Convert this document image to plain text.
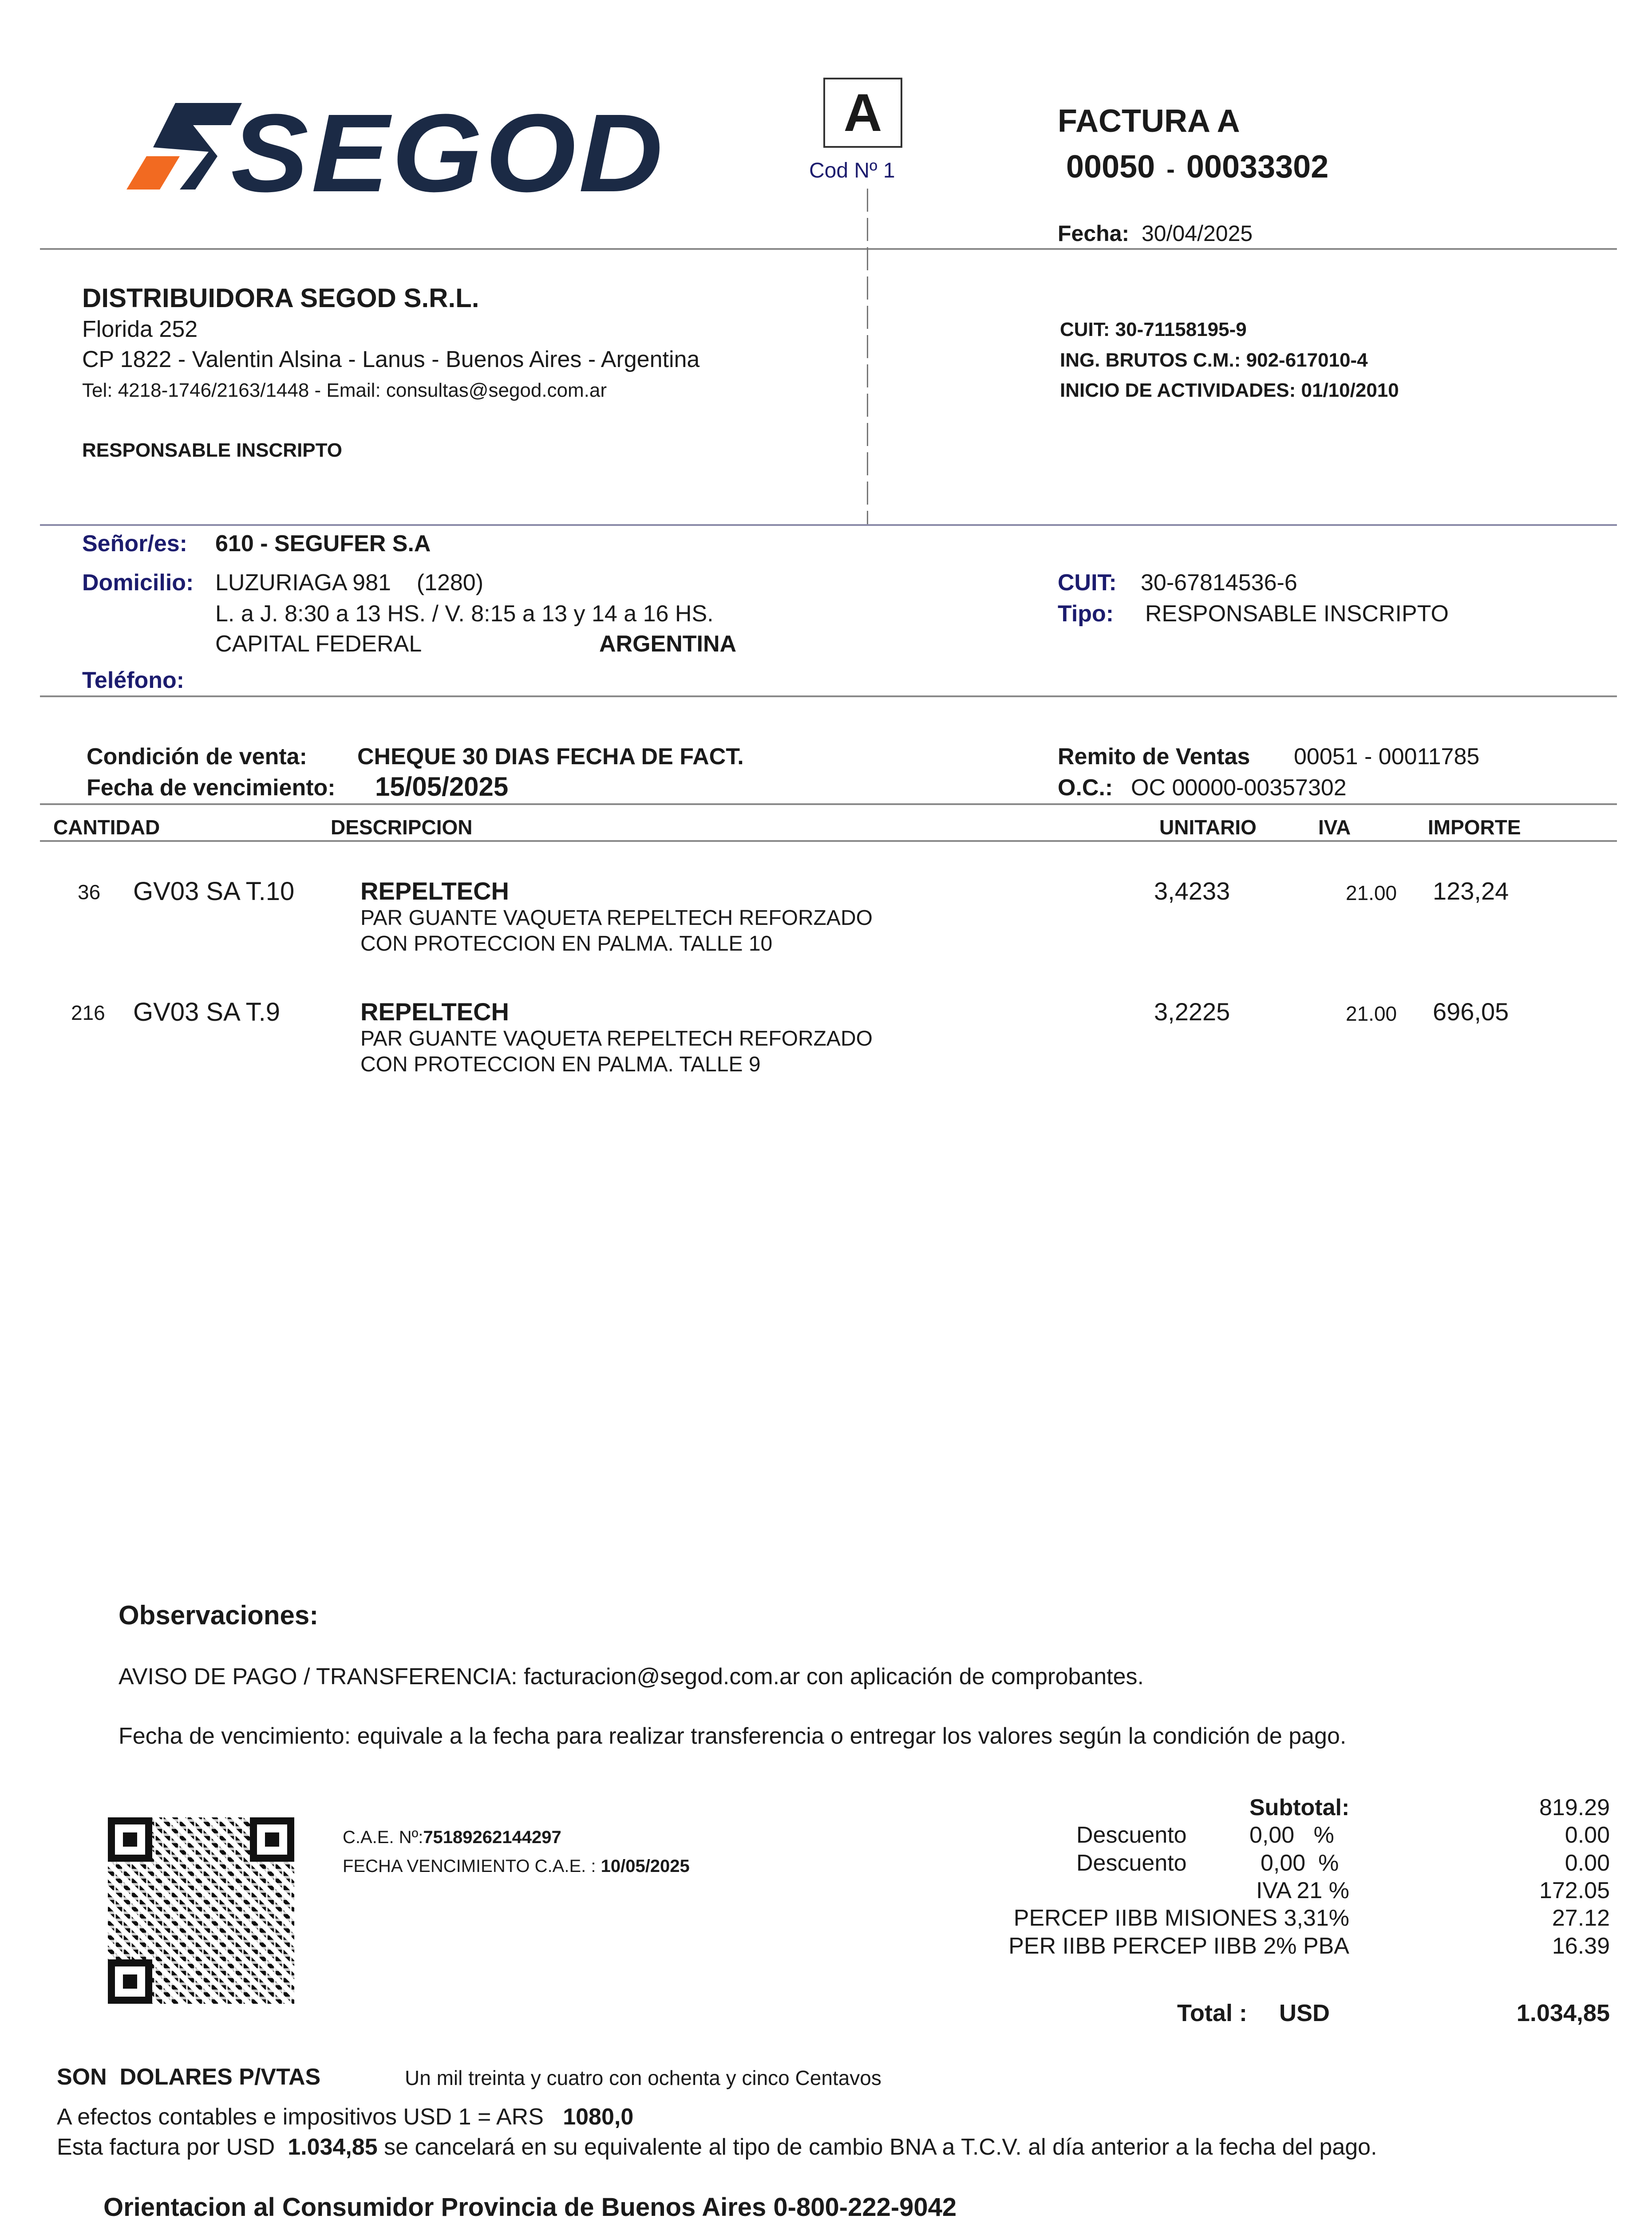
SEGOD	A
Cod Nº 1
FACTURA A
00050 - 00033302
Fecha: 30/04/2025
DISTRIBUIDORA SEGOD S.R.L.
Florida 252
CP 1822 - Valentin Alsina - Lanus - Buenos Aires - Argentina
Tel: 4218-1746/2163/1448 - Email: consultas@segod.com.ar
RESPONSABLE INSCRIPTO
CUIT: 30-71158195-9
ING. BRUTOS C.M.: 902-617010-4
INICIO DE ACTIVIDADES: 01/10/2010
Señor/es: 610 - SEGUFER S.A
Domicilio: LUZURIAGA 981    (1280)
L. a J. 8:30 a 13 HS. / V. 8:15 a 13 y 14 a 16 HS.
CAPITAL FEDERAL	ARGENTINA
Teléfono:
CUIT: 30-67814536-6
Tipo: RESPONSABLE INSCRIPTO
Condición de venta: CHEQUE 30 DIAS FECHA DE FACT.
Fecha de vencimiento: 15/05/2025
Remito de Ventas 00051 - 00011785
O.C.: OC 00000-00357302
CANTIDAD	DESCRIPCION	UNITARIO	IVA	IMPORTE
36 GV03 SA T.10	REPELTECH
PAR GUANTE VAQUETA REPELTECH REFORZADO
CON PROTECCION EN PALMA. TALLE 10
3,4233	21.00 123,24
216 GV03 SA T.9	REPELTECH
PAR GUANTE VAQUETA REPELTECH REFORZADO
CON PROTECCION EN PALMA. TALLE 9
3,2225	21.00 696,05
Observaciones:
AVISO DE PAGO / TRANSFERENCIA: facturacion@segod.com.ar con aplicación de comprobantes.
Fecha de vencimiento: equivale a la fecha para realizar transferencia o entregar los valores según la condición de pago.
C.A.E. Nº:75189262144297
FECHA VENCIMIENTO C.A.E. : 10/05/2025
Subtotal:	819.29
Descuento	0,00 %	0.00
Descuento	0,00 %	0.00
IVA 21 %	172.05
PERCEP IIBB MISIONES 3,31%	27.12
PER IIBB PERCEP IIBB 2% PBA	16.39
Total : USD	1.034,85
SON  DOLARES P/VTAS	Un mil treinta y cuatro con ochenta y cinco Centavos
A efectos contables e impositivos USD 1 = ARS 1080,0
Esta factura por USD 1.034,85 se cancelará en su equivalente al tipo de cambio BNA a T.C.V. al día anterior a la fecha del pago.
Orientacion al Consumidor Provincia de Buenos Aires 0-800-222-9042
